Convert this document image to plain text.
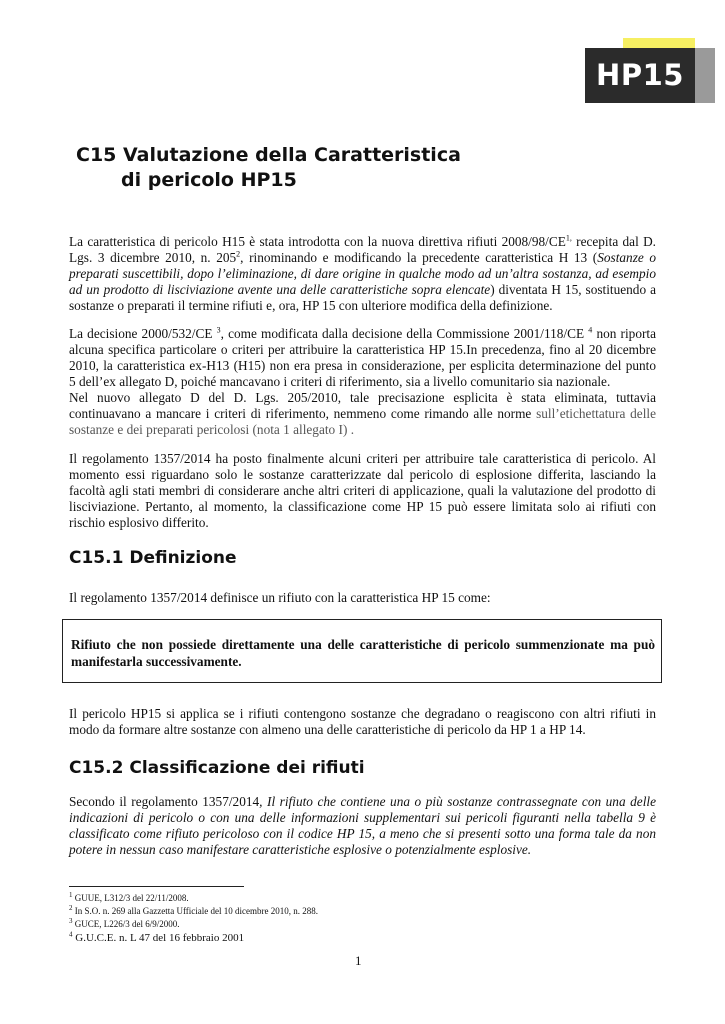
HP15
C15 Valutazione della Caratteristica
di pericolo HP15
La caratteristica di pericolo H15 è stata introdotta con la nuova direttiva rifiuti $2008/98/CE^{1,}$ recepita dal D.
Lgs. 3 dicembre 2010, n. $205^2$, rinominando e modificando la precedente caratteristica H 13 (Sostanze o
preparati suscettibili, dopo l’eliminazione, di dare origine in qualche modo ad un’altra sostanza, ad esempio
ad un prodotto di lisciviazione avente una delle caratteristiche sopra elencate) diventata H 15, sostituendo a
sostanze o preparati il termine rifiuti e, ora, HP 15 con ulteriore modifica della definizione.
La decisione 2000/532/CE $^3$, come modificata dalla decisione della Commissione 2001/118/CE $^4$ non riporta
alcuna specifica particolare o criteri per attribuire la caratteristica HP 15.In precedenza, fino al 20 dicembre
2010, la caratteristica ex-H13 (H15) non era presa in considerazione, per esplicita determinazione del punto
5 dell’ex allegato D, poiché mancavano i criteri di riferimento, sia a livello comunitario sia nazionale.
Nel nuovo allegato D del D. Lgs. 205/2010, tale precisazione esplicita è stata eliminata, tuttavia
continuavano a mancare i criteri di riferimento, nemmeno come rimando alle norme sull’etichettatura delle
sostanze e dei preparati pericolosi (nota 1 allegato I) .
Il regolamento 1357/2014 ha posto finalmente alcuni criteri per attribuire tale caratteristica di pericolo. Al
momento essi riguardano solo le sostanze caratterizzate dal pericolo di esplosione differita, lasciando la
facoltà agli stati membri di considerare anche altri criteri di applicazione, quali la valutazione del prodotto di
lisciviazione. Pertanto, al momento, la classificazione come HP 15 può essere limitata solo ai rifiuti con
rischio esplosivo differito.
C15.1 Definizione
Il regolamento 1357/2014 definisce un rifiuto con la caratteristica HP 15 come:
Rifiuto che non possiede direttamente una delle caratteristiche di pericolo summenzionate ma può
manifestarla successivamente.
Il pericolo HP15 si applica se i rifiuti contengono sostanze che degradano o reagiscono con altri rifiuti in
modo da formare altre sostanze con almeno una delle caratteristiche di pericolo da HP 1 a HP 14.
C15.2 Classificazione dei rifiuti
Secondo il regolamento 1357/2014, Il rifiuto che contiene una o più sostanze contrassegnate con una delle
indicazioni di pericolo o con una delle informazioni supplementari sui pericoli figuranti nella tabella 9 è
classificato come rifiuto pericoloso con il codice HP 15, a meno che si presenti sotto una forma tale da non
potere in nessun caso manifestare caratteristiche esplosive o potenzialmente esplosive.
$^1$ GUUE, L312/3 del 22/11/2008.
$^2$ In S.O. n. 269 alla Gazzetta Ufficiale del 10 dicembre 2010, n. 288.
$^3$ GUCE, L226/3 del 6/9/2000.
$^4$ G.U.C.E. n. L 47 del 16 febbraio 2001
1
